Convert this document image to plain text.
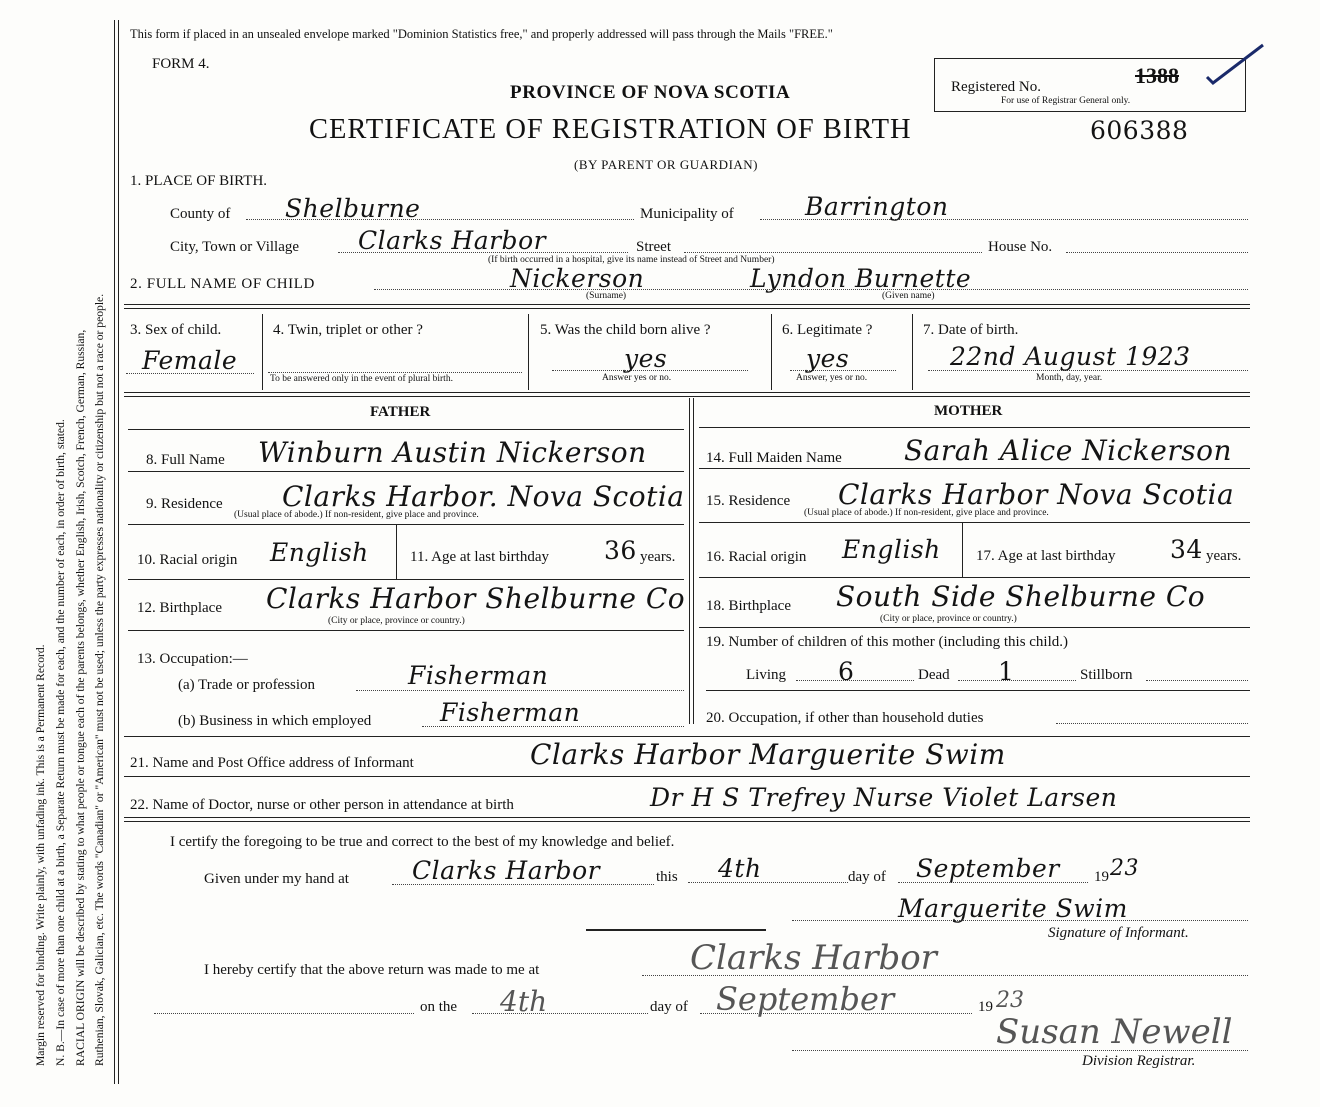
Margin reserved for binding. Write plainly, with unfading ink. This is a Permanent Record. N. B.—In case of more than one child at a birth, a Separate Return must be made for each, and the number of each, in order of birth, stated. RACIAL ORIGIN will be described by stating to what people or tongue each of the parents belongs, whether English, Irish, Scotch, French, German, Russian, Ruthenian, Slovak, Galician, etc. The words "Canadian" or "American" must not be used; unless the party expresses nationality or citizenship but not a race or people.
This form if placed in an unsealed envelope marked "Dominion Statistics free," and properly addressed will pass through the Mails "FREE."
FORM 4.
PROVINCE OF NOVA SCOTIA
CERTIFICATE OF REGISTRATION OF BIRTH
(BY PARENT OR GUARDIAN)
606388
Registered No.
For use of Registrar General only.
1388
1. PLACE OF BIRTH.
County of Shelburne	Municipality of	Barrington
City, Town or Village Clarks Harbor	Street
(If birth occurred in a hospital, give its name instead of Street and Number)
House No.
2. FULL NAME OF CHILD	Nickerson	Lyndon Burnette
(Surname)	(Given name)
3. Sex of child.
Female
4. Twin, triplet or other ?
To be answered only in the event of plural birth.
5. Was the child born alive ?
yes
Answer yes or no.
6. Legitimate ?
yes
Answer, yes or no.
7. Date of birth.
22nd August 1923
Month, day, year.
FATHER	MOTHER
8. Full Name Winburn Austin Nickerson
9. Residence Clarks Harbor. Nova Scotia
(Usual place of abode.) If non-resident, give place and province.
10. Racial origin English	11. Age at last birthday 36 years.
12. Birthplace Clarks Harbor Shelburne Co
(City or place, province or country.)
13. Occupation:—
(a) Trade or profession	Fisherman
(b) Business in which employed	Fisherman
14. Full Maiden Name Sarah Alice Nickerson
15. Residence Clarks Harbor Nova Scotia
(Usual place of abode.) If non-resident, give place and province.
16. Racial origin English 17. Age at last birthday 34 years.
18. Birthplace South Side Shelburne Co
(City or place, province or country.)
19. Number of children of this mother (including this child.)
Living 6	Dead 1	Stillborn
20. Occupation, if other than household duties
21. Name and Post Office address of Informant	Clarks Harbor Marguerite Swim
22. Name of Doctor, nurse or other person in attendance at birth	Dr H S Trefrey Nurse Violet Larsen
I certify the foregoing to be true and correct to the best of my knowledge and belief.
Given under my hand at	Clarks Harbor	this 4th	day of September 19 23
Marguerite Swim
Signature of Informant.
I hereby certify that the above return was made to me at	Clarks Harbor
on the 4th	day of September	19 23
Susan Newell
Division Registrar.
